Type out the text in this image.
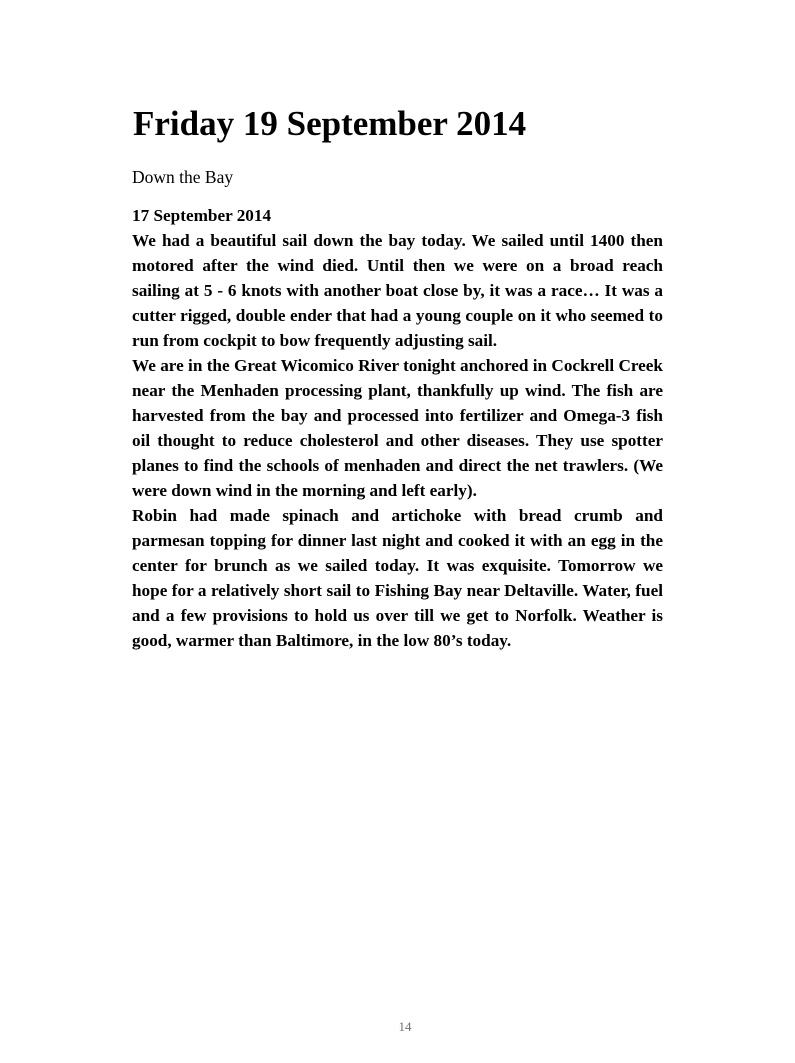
Friday 19 September 2014

Down the Bay

17 September 2014

We had a beautiful sail down the bay today. We sailed until 1400 then motored after the wind died. Until then we were on a broad reach sailing at 5 - 6 knots with another boat close by, it was a race… It was a cutter rigged, double ender that had a young couple on it who seemed to run from cockpit to bow frequently adjusting sail.

We are in the Great Wicomico River tonight anchored in Cockrell Creek near the Menhaden processing plant, thankfully up wind. The fish are harvested from the bay and processed into fertilizer and Omega-3 fish oil thought to reduce cholesterol and other diseases. They use spotter planes to find the schools of menhaden and direct the net trawlers. (We were down wind in the morning and left early).

Robin had made spinach and artichoke with bread crumb and parmesan topping for dinner last night and cooked it with an egg in the center for brunch as we sailed today. It was exquisite. Tomorrow we hope for a relatively short sail to Fishing Bay near Deltaville. Water, fuel and a few provisions to hold us over till we get to Norfolk. Weather is good, warmer than Baltimore, in the low 80’s today.

14
